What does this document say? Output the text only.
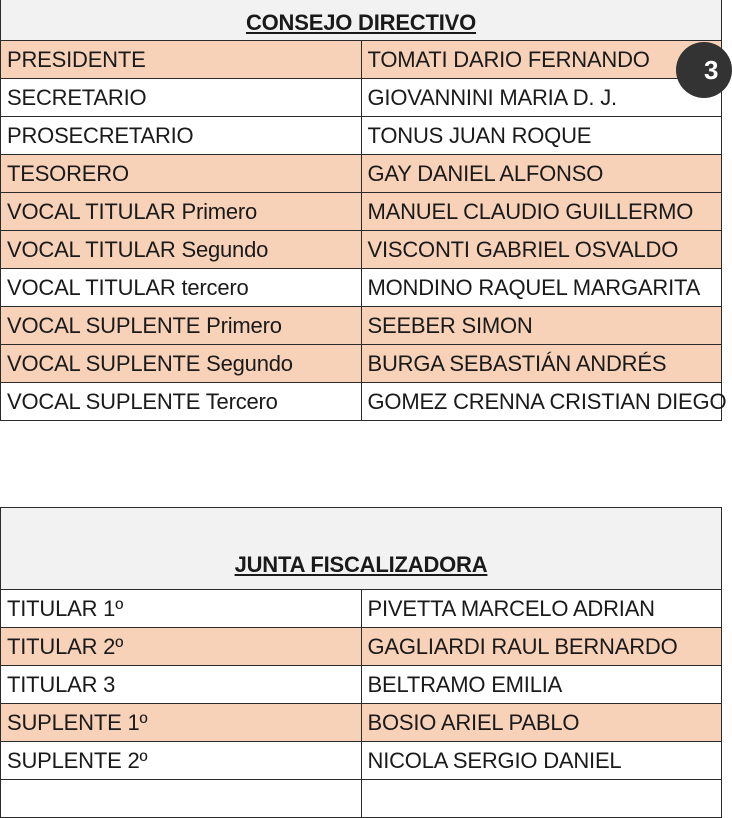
CONSEJO DIRECTIVO	
PRESIDENTE	TOMATI DARIO FERNANDO
SECRETARIO	GIOVANNINI MARIA D. J.
PROSECRETARIO	TONUS JUAN ROQUE
TESORERO	GAY DANIEL ALFONSO
VOCAL TITULAR Primero	MANUEL CLAUDIO GUILLERMO
VOCAL TITULAR Segundo	VISCONTI GABRIEL OSVALDO
VOCAL TITULAR tercero	MONDINO RAQUEL MARGARITA
VOCAL SUPLENTE Primero	SEEBER SIMON
VOCAL SUPLENTE Segundo	BURGA SEBASTIÁN ANDRÉS
VOCAL SUPLENTE Tercero	GOMEZ CRENNA CRISTIAN DIEGO
JUNTA FISCALIZADORA	
TITULAR 1º	PIVETTA MARCELO ADRIAN
TITULAR 2º	GAGLIARDI RAUL BERNARDO
TITULAR 3	BELTRAMO EMILIA
SUPLENTE 1º	BOSIO ARIEL PABLO
SUPLENTE 2º	NICOLA SERGIO DANIEL

3
